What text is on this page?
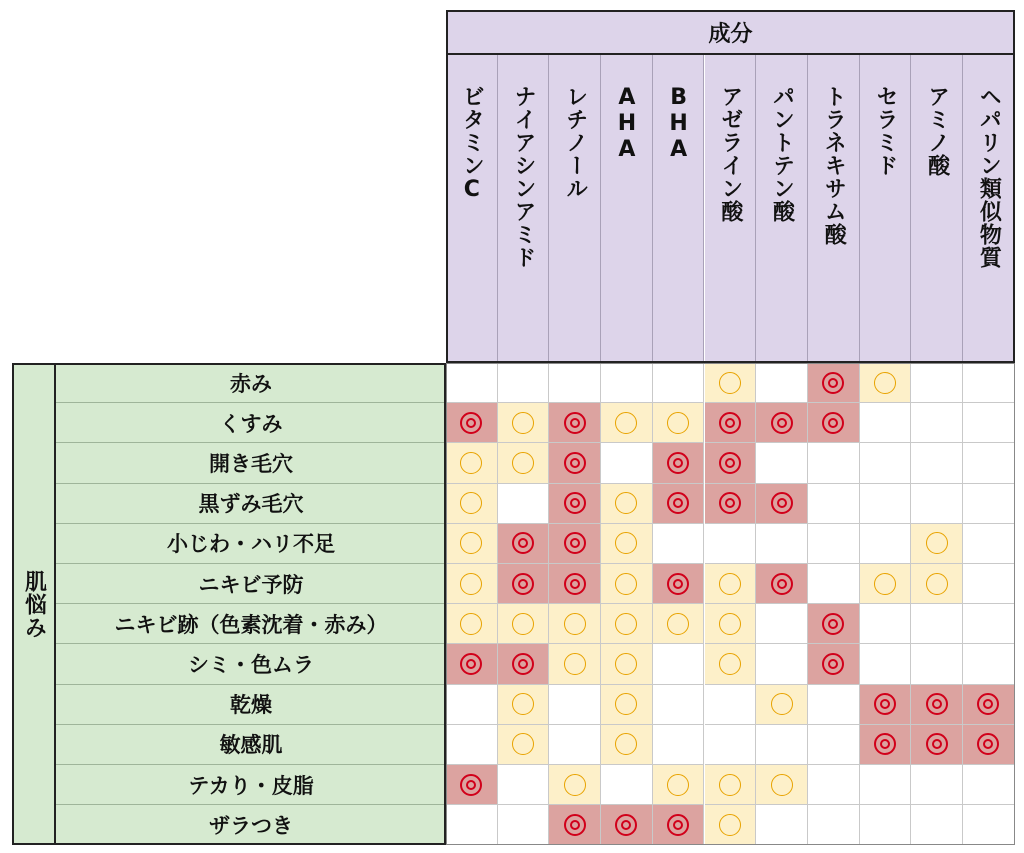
成分
肌悩み
ビタミンC ナイアシンアミド レチノール AHA BHA アゼライン酸 パントテン酸 トラネキサム酸 セラミド アミノ酸 ヘパリン類似物質
赤み
くすみ
開き毛穴
黒ずみ毛穴
小じわ・ハリ不足
ニキビ予防
ニキビ跡（色素沈着・赤み）
シミ・色ムラ
乾燥
敏感肌
テカり・皮脂
ザラつき
